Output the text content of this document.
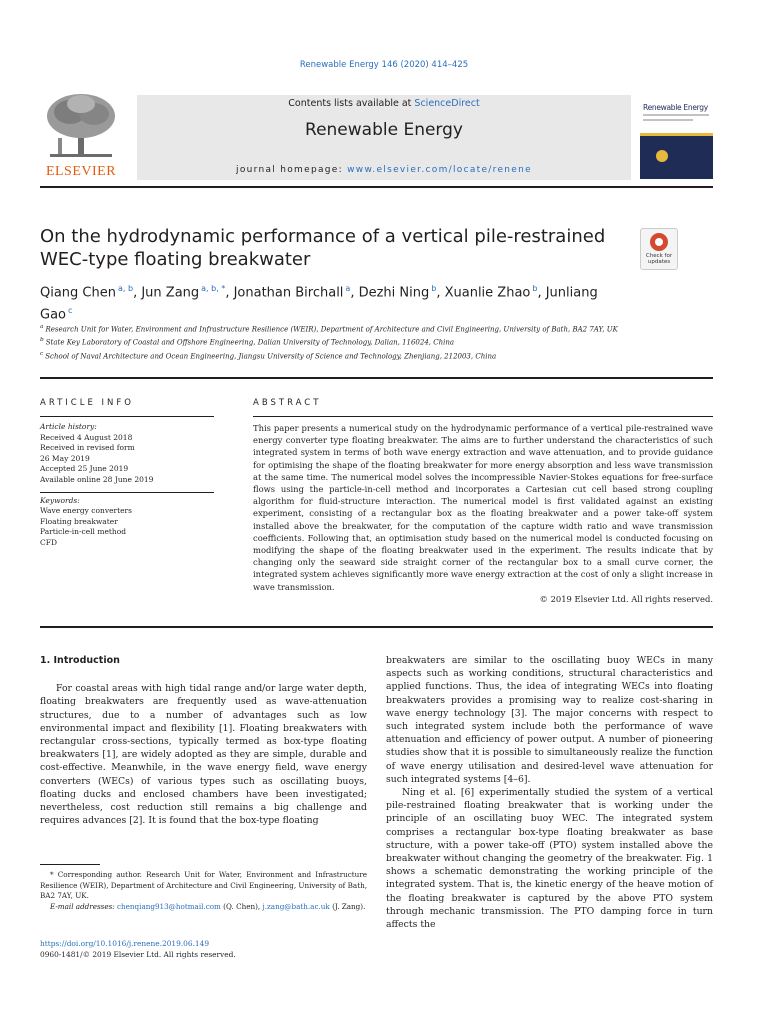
Renewable Energy 146 (2020) 414–425
ELSEVIER
Contents lists available at ScienceDirect
Renewable Energy
journal homepage: www.elsevier.com/locate/renene
Renewable Energy
On the hydrodynamic performance of a vertical pile-restrained WEC-type floating breakwater	Check for updates
Qiang Chen $^{a, b}$, Jun Zang $^{a, b, *}$, Jonathan Birchall $^a$, Dezhi Ning $^b$, Xuanlie Zhao $^b$, Junliang Gao $^c$
$^a$ Research Unit for Water, Environment and Infrastructure Resilience (WEIR), Department of Architecture and Civil Engineering, University of Bath, BA2 7AY, UK
$^b$ State Key Laboratory of Coastal and Offshore Engineering, Dalian University of Technology, Dalian, 116024, China
$^c$ School of Naval Architecture and Ocean Engineering, Jiangsu University of Science and Technology, Zhenjiang, 212003, China
ARTICLE INFO	ABSTRACT
Article history:
Received 4 August 2018
Received in revised form
26 May 2019
Accepted 25 June 2019
Available online 28 June 2019
Keywords:
Wave energy converters
Floating breakwater
Particle-in-cell method
CFD
This paper presents a numerical study on the hydrodynamic performance of a vertical pile-restrained wave energy converter type floating breakwater. The aims are to further understand the characteristics of such integrated system in terms of both wave energy extraction and wave attenuation, and to provide guidance for optimising the shape of the floating breakwater for more energy absorption and less wave transmission at the same time. The numerical model solves the incompressible Navier-Stokes equations for free-surface flows using the particle-in-cell method and incorporates a Cartesian cut cell based strong coupling algorithm for fluid-structure interaction. The numerical model is first validated against an existing experiment, consisting of a rectangular box as the floating breakwater and a power take-off system installed above the breakwater, for the computation of the capture width ratio and wave transmission coefficients. Following that, an optimisation study based on the numerical model is conducted focusing on modifying the shape of the floating breakwater used in the experiment. The results indicate that by changing only the seaward side straight corner of the rectangular box to a small curve corner, the integrated system achieves significantly more wave energy extraction at the cost of only a slight increase in wave transmission.
© 2019 Elsevier Ltd. All rights reserved.
1. Introduction

For coastal areas with high tidal range and/or large water depth, floating breakwaters are frequently used as wave-attenuation structures, due to a number of advantages such as low environmental impact and flexibility [1]. Floating breakwaters with rectangular cross-sections, typically termed as box-type floating breakwaters [1], are widely adopted as they are simple, durable and cost-effective. Meanwhile, in the wave energy field, wave energy converters (WECs) of various types such as oscillating buoys, floating ducks and enclosed chambers have been investigated; nevertheless, cost reduction still remains a big challenge and requires advances [2]. It is found that the box-type floating

breakwaters are similar to the oscillating buoy WECs in many aspects such as working conditions, structural characteristics and applied functions. Thus, the idea of integrating WECs into floating breakwaters provides a promising way to realize cost-sharing in wave energy technology [3]. The major concerns with respect to such integrated system include both the performance of wave attenuation and efficiency of power output. A number of pioneering studies show that it is possible to simultaneously realize the function of wave energy utilisation and desired-level wave attenuation for such integrated systems [4–6].

Ning et al. [6] experimentally studied the system of a vertical pile-restrained floating breakwater that is working under the principle of an oscillating buoy WEC. The integrated system comprises a rectangular box-type floating breakwater as base structure, with a power take-off (PTO) system installed above the breakwater without changing the geometry of the breakwater. Fig. 1 shows a schematic demonstrating the working principle of the integrated system. That is, the kinetic energy of the heave motion of the floating breakwater is captured by the above PTO system through mechanic transmission. The PTO damping force in turn affects the

* Corresponding author. Research Unit for Water, Environment and Infrastructure Resilience (WEIR), Department of Architecture and Civil Engineering, University of Bath, BA2 7AY, UK.

E-mail addresses: chenqiang913@hotmail.com (Q. Chen), j.zang@bath.ac.uk (J. Zang).

https://doi.org/10.1016/j.renene.2019.06.149
0960-1481/© 2019 Elsevier Ltd. All rights reserved.
